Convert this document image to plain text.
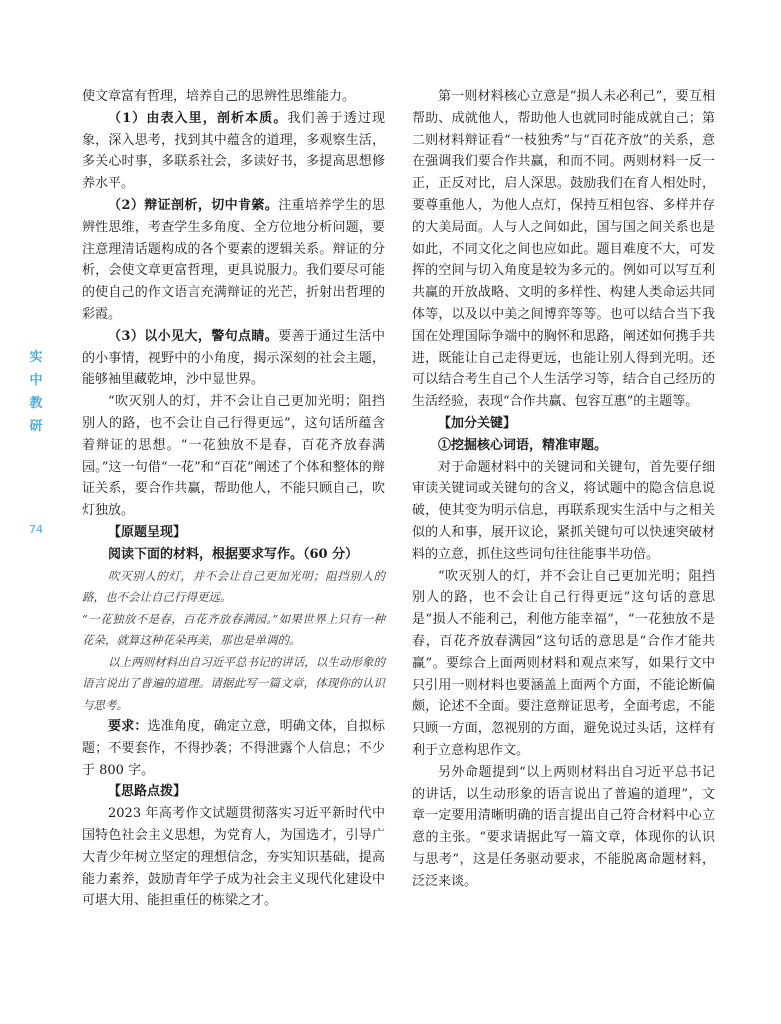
实
中
教
研
74

使文章富有哲理，培养自己的思辨性思维能力。

（1）由表入里，剖析本质。我们善于透过现象，深入思考，找到其中蕴含的道理，多观察生活，多关心时事，多联系社会，多读好书，多提高思想修养水平。

（2）辩证剖析，切中肯綮。注重培养学生的思辨性思维，考查学生多角度、全方位地分析问题，要注意理清话题构成的各个要素的逻辑关系。辩证的分析，会使文章更富哲理，更具说服力。我们要尽可能的使自己的作文语言充满辩证的光芒，折射出哲理的彩霞。

（3）以小见大，警句点睛。要善于通过生活中的小事情，视野中的小角度，揭示深刻的社会主题，能够袖里藏乾坤，沙中显世界。

“吹灭别人的灯，并不会让自己更加光明；阻挡别人的路，也不会让自己行得更远”，这句话所蕴含着辩证的思想。“一花独放不是春，百花齐放春满园。”这一句借“一花”和“百花”阐述了个体和整体的辩证关系，要合作共赢，帮助他人，不能只顾自己，吹灯独放。

【原题呈现】

阅读下面的材料，根据要求写作。（60 分）

吹灭别人的灯，并不会让自己更加光明；阻挡别人的路，也不会让自己行得更远。

“一花独放不是春，百花齐放春满园。”如果世界上只有一种花朵，就算这种花朵再美，那也是单调的。

以上两则材料出自习近平总书记的讲话，以生动形象的语言说出了普遍的道理。请据此写一篇文章，体现你的认识与思考。

要求：选准角度，确定立意，明确文体，自拟标题；不要套作，不得抄袭；不得泄露个人信息；不少于 800 字。

【思路点拨】

2023 年高考作文试题贯彻落实习近平新时代中国特色社会主义思想，为党育人，为国选才，引导广大青少年树立坚定的理想信念，夯实知识基础，提高能力素养，鼓励青年学子成为社会主义现代化建设中可堪大用、能担重任的栋梁之才。

第一则材料核心立意是“损人未必利己”，要互相帮助、成就他人，帮助他人也就同时能成就自己；第二则材料辩证看“一枝独秀”与“百花齐放”的关系，意在强调我们要合作共赢，和而不同。两则材料一反一正，正反对比，启人深思。鼓励我们在育人相处时，要尊重他人，为他人点灯，保持互相包容、多样并存的大美局面。人与人之间如此，国与国之间关系也是如此，不同文化之间也应如此。题目难度不大，可发挥的空间与切入角度是较为多元的。例如可以写互利共赢的开放战略、文明的多样性、构建人类命运共同体等，以及以中美之间博弈等等。也可以结合当下我国在处理国际争端中的胸怀和思路，阐述如何携手共进，既能让自己走得更远，也能让别人得到光明。还可以结合考生自己个人生活学习等，结合自己经历的生活经验，表现“合作共赢、包容互惠”的主题等。

【加分关键】

①挖掘核心词语，精准审题。

对于命题材料中的关键词和关键句，首先要仔细审读关键词或关键句的含义，将试题中的隐含信息说破，使其变为明示信息，再联系现实生活中与之相关似的人和事，展开议论，紧抓关键句可以快速突破材料的立意，抓住这些词句往往能事半功倍。

“吹灭别人的灯，并不会让自己更加光明；阻挡别人的路，也不会让自己行得更远”这句话的意思是“损人不能利己，利他方能幸福”，“一花独放不是春，百花齐放春满园”这句话的意思是“合作才能共赢”。要综合上面两则材料和观点来写，如果行文中只引用一则材料也要涵盖上面两个方面，不能论断偏颇，论述不全面。要注意辩证思考，全面考虑，不能只顾一方面，忽视别的方面，避免说过头话，这样有利于立意构思作文。

另外命题提到“以上两则材料出自习近平总书记的讲话，以生动形象的语言说出了普遍的道理”，文章一定要用清晰明确的语言提出自己符合材料中心立意的主张。“要求请据此写一篇文章，体现你的认识与思考”，这是任务驱动要求，不能脱离命题材料，泛泛来谈。
